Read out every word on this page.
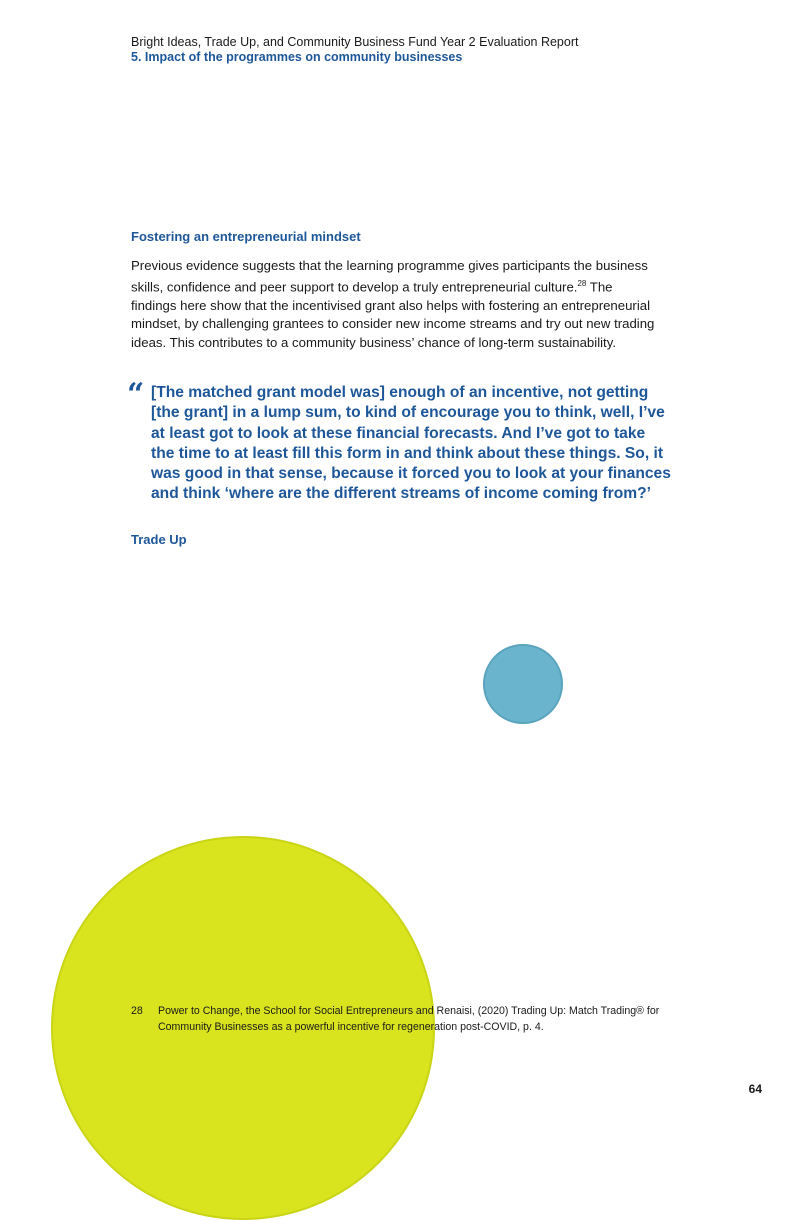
Bright Ideas, Trade Up, and Community Business Fund Year 2 Evaluation Report
5. Impact of the programmes on community businesses
Fostering an entrepreneurial mindset
Previous evidence suggests that the learning programme gives participants the business skills, confidence and peer support to develop a truly entrepreneurial culture.$^{28}$ The findings here show that the incentivised grant also helps with fostering an entrepreneurial mindset, by challenging grantees to consider new income streams and try out new trading ideas. This contributes to a community business’ chance of long-term sustainability.
“ [The matched grant model was] enough of an incentive, not getting [the grant] in a lump sum, to kind of encourage you to think, well, I’ve at least got to look at these financial forecasts. And I’ve got to take the time to at least fill this form in and think about these things. So, it was good in that sense, because it forced you to look at your finances and think ‘where are the different streams of income coming from?’
Trade Up
28 Power to Change, the School for Social Entrepreneurs and Renaisi, (2020) Trading Up: Match Trading® for Community Businesses as a powerful incentive for regeneration post-COVID, p. 4.
64
